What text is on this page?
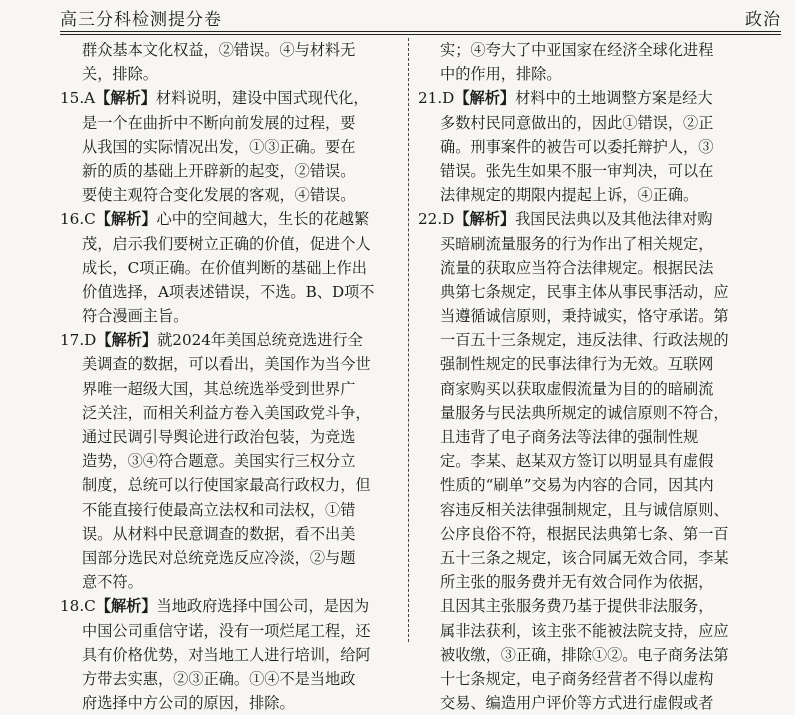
高三分科检测提分卷	政治
群众基本文化权益，②错误。④与材料无
关，排除。
15.A【解析】材料说明，建设中国式现代化，
是一个在曲折中不断向前发展的过程，要
从我国的实际情况出发，①③正确。要在
新的质的基础上开辟新的起变，②错误。
要使主观符合变化发展的客观，④错误。
16.C【解析】心中的空间越大，生长的花越繁
茂，启示我们要树立正确的价值，促进个人
成长，C项正确。在价值判断的基础上作出
价值选择，A项表述错误，不选。B、D项不
符合漫画主旨。
17.D【解析】就2024年美国总统竞选进行全
美调查的数据，可以看出，美国作为当今世
界唯一超级大国，其总统选举受到世界广
泛关注，而相关利益方卷入美国政党斗争，
通过民调引导舆论进行政治包装，为竞选
造势，③④符合题意。美国实行三权分立
制度，总统可以行使国家最高行政权力，但
不能直接行使最高立法权和司法权，①错
误。从材料中民意调查的数据，看不出美
国部分选民对总统竞选反应冷淡，②与题
意不符。
18.C【解析】当地政府选择中国公司，是因为
中国公司重信守诺，没有一项烂尾工程，还
具有价格优势，对当地工人进行培训，给阿
方带去实惠，②③正确。①④不是当地政
府选择中方公司的原因，排除。
实；④夸大了中亚国家在经济全球化进程
中的作用，排除。
21.D【解析】材料中的土地调整方案是经大
多数村民同意做出的，因此①错误，②正
确。刑事案件的被告可以委托辩护人，③
错误。张先生如果不服一审判决，可以在
法律规定的期限内提起上诉，④正确。
22.D【解析】我国民法典以及其他法律对购
买暗刷流量服务的行为作出了相关规定，
流量的获取应当符合法律规定。根据民法
典第七条规定，民事主体从事民事活动，应
当遵循诚信原则，秉持诚实，恪守承诺。第
一百五十三条规定，违反法律、行政法规的
强制性规定的民事法律行为无效。互联网
商家购买以获取虚假流量为目的的暗刷流
量服务与民法典所规定的诚信原则不符合，
且违背了电子商务法等法律的强制性规
定。李某、赵某双方签订以明显具有虚假
性质的“刷单”交易为内容的合同，因其内
容违反相关法律强制规定，且与诚信原则、
公序良俗不符，根据民法典第七条、第一百
五十三条之规定，该合同属无效合同，李某
所主张的服务费并无有效合同作为依据，
且因其主张服务费乃基于提供非法服务，
属非法获利，该主张不能被法院支持，应应
被收缴，③正确，排除①②。电子商务法第
十七条规定，电子商务经营者不得以虚构
交易、编造用户评价等方式进行虚假或者
